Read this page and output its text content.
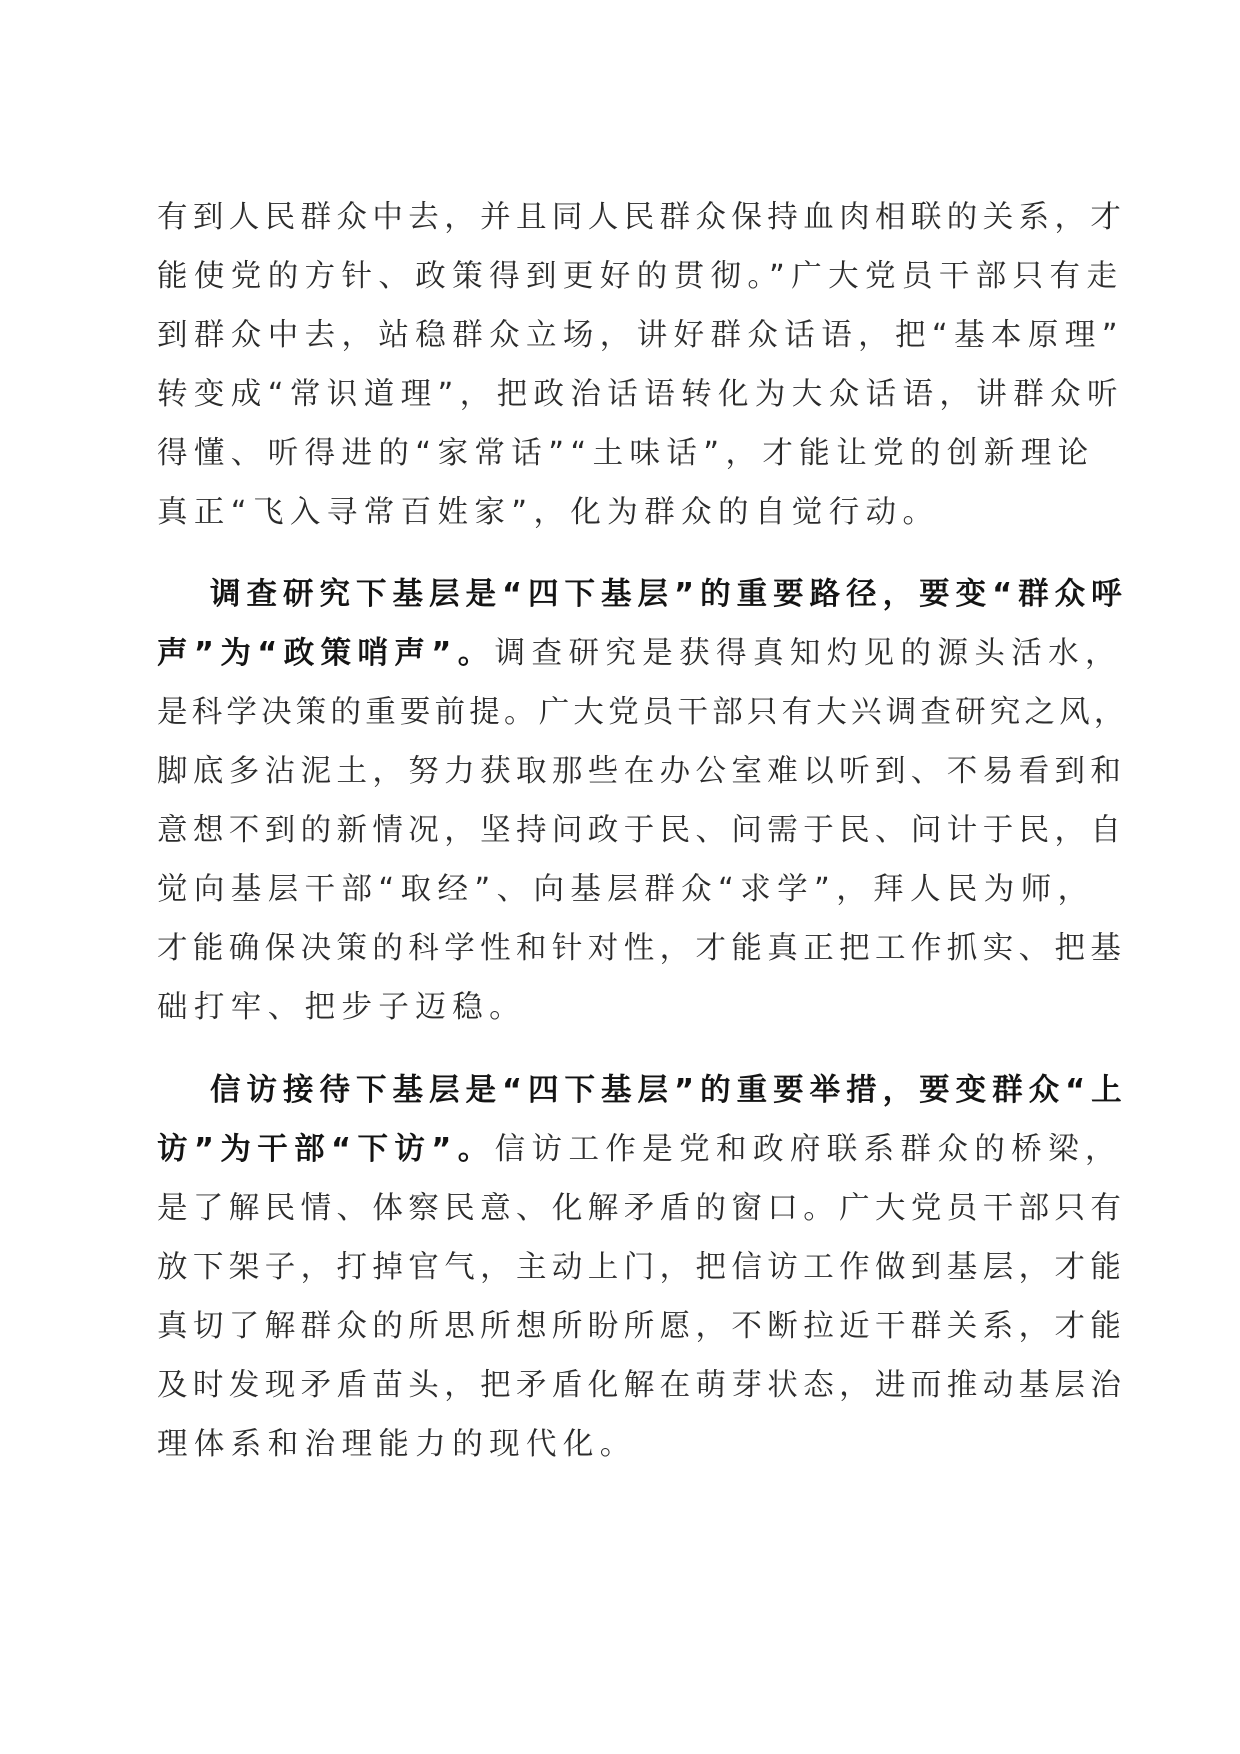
有到人民群众中去，并且同人民群众保持血肉相联的关系，才
能使党的方针、政策得到更好的贯彻。”广大党员干部只有走
到群众中去，站稳群众立场，讲好群众话语，把“基本原理”
转变成“常识道理”，把政治话语转化为大众话语，讲群众听
得懂、听得进的“家常话”“土味话”，才能让党的创新理论
真正“飞入寻常百姓家”，化为群众的自觉行动。
调查研究下基层是“四下基层”的重要路径，要变“群众呼
声”为“政策哨声”。调查研究是获得真知灼见的源头活水，
是科学决策的重要前提。广大党员干部只有大兴调查研究之风，
脚底多沾泥土，努力获取那些在办公室难以听到、不易看到和
意想不到的新情况，坚持问政于民、问需于民、问计于民，自
觉向基层干部“取经”、向基层群众“求学”，拜人民为师，
才能确保决策的科学性和针对性，才能真正把工作抓实、把基
础打牢、把步子迈稳。
信访接待下基层是“四下基层”的重要举措，要变群众“上
访”为干部“下访”。信访工作是党和政府联系群众的桥梁，
是了解民情、体察民意、化解矛盾的窗口。广大党员干部只有
放下架子，打掉官气，主动上门，把信访工作做到基层，才能
真切了解群众的所思所想所盼所愿，不断拉近干群关系，才能
及时发现矛盾苗头，把矛盾化解在萌芽状态，进而推动基层治
理体系和治理能力的现代化。
